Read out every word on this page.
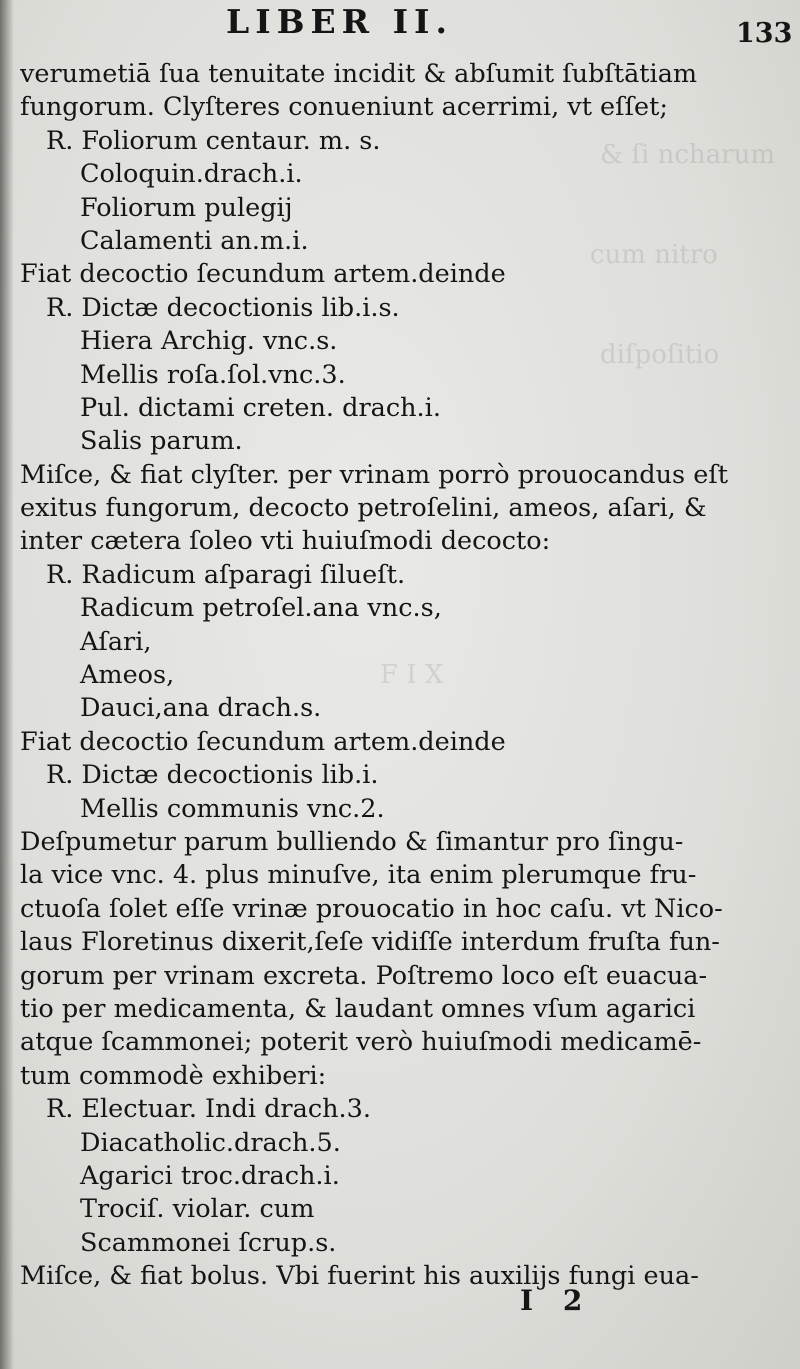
& ſi ncharum
cum nitro
diſpoſitio
F I X
LIBER II.	133
verumetiā ſua tenuitate incidit & abſumit ſubſtātiam
fungorum. Clyſteres conueniunt acerrimi, vt eſſet;
R. Foliorum centaur. m. s.
Coloquin.drach.i.
Foliorum pulegij
Calamenti an.m.i.
Fiat decoctio ſecundum artem.deinde
R. Dictæ decoctionis lib.i.s.
Hiera Archig. vnc.s.
Mellis roſa.ſol.vnc.3.
Pul. dictami creten. drach.i.
Salis parum.
Miſce, & fiat clyſter. per vrinam porrò prouocandus eſt
exitus fungorum, decocto petroſelini, ameos, aſari, &
inter cætera ſoleo vti huiuſmodi decocto:
R. Radicum aſparagi ſilueſt.
Radicum petroſel.ana vnc.s,
Aſari,
Ameos,
Dauci,ana drach.s.
Fiat decoctio ſecundum artem.deinde
R. Dictæ decoctionis lib.i.
Mellis communis vnc.2.
Deſpumetur parum bulliendo & ſimantur pro ſingu-
la vice vnc. 4. plus minuſve, ita enim plerumque fru-
ctuoſa ſolet eſſe vrinæ prouocatio in hoc caſu. vt Nico-
laus Floretinus dixerit,ſeſe vidiſſe interdum fruſta fun-
gorum per vrinam excreta. Poſtremo loco eſt euacua-
tio per medicamenta, & laudant omnes vſum agarici
atque ſcammonei; poterit verò huiuſmodi medicamē-
tum commodè exhiberi:
R. Electuar. Indi drach.3.
Diacatholic.drach.5.
Agarici troc.drach.i.
Trociſ. violar. cum
Scammonei ſcrup.s.
Miſce, & fiat bolus. Vbi fuerint his auxilijs fungi eua-
I 2
